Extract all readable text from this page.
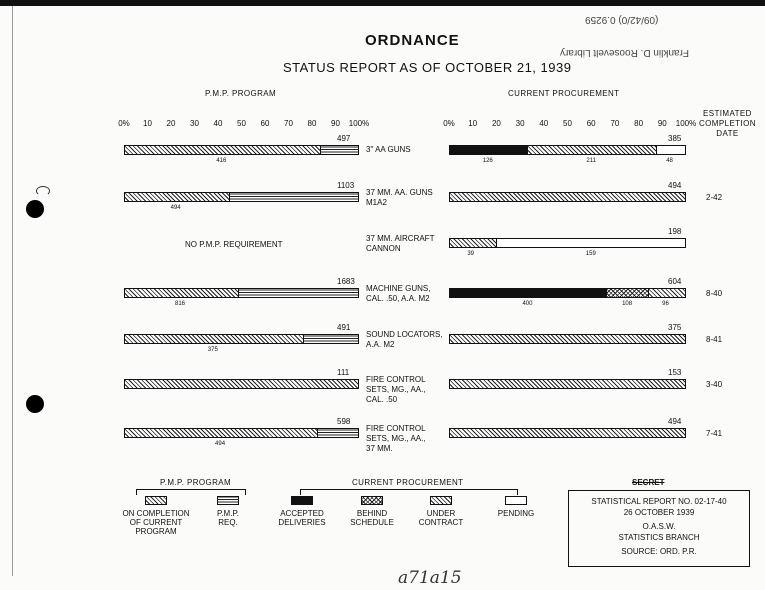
(09/42/0) 0.9259
Franklin D. Roosevelt Library
ORDNANCE
STATUS REPORT AS OF OCTOBER 21, 1939
P.M.P. PROGRAM	CURRENT PROCUREMENT
ESTIMATED
COMPLETION
DATE
0%	0%
10	10
20	20
30	30
40	40
50	50
60	60
70	70
80	80
90	90
100%	100%
497
416
3" AA GUNS
126	211	48
385
1103
494
37 MM. AA. GUNS
M1A2
494
2-42
37 MM. AIRCRAFT
CANNON
39	159
198
1683
816
MACHINE GUNS,
CAL. .50, A.A. M2
400	108	96
604
8-40
491
375
SOUND LOCATORS,
A.A. M2
375
8-41
111
FIRE CONTROL
SETS, MG., AA.,
CAL. .50
153
3-40
598
494
FIRE CONTROL
SETS, MG., AA.,
37 MM.
494
7-41
NO P.M.P. REQUIREMENT
P.M.P. PROGRAM	CURRENT PROCUREMENT
ON COMPLETION
OF CURRENT
PROGRAM
P.M.P.
REQ.
ACCEPTED
DELIVERIES
BEHIND
SCHEDULE
UNDER
CONTRACT
PENDING
SECRET
STATISTICAL REPORT NO. 02-17-40
26 OCTOBER 1939
O.A.S.W.
STATISTICS BRANCH
SOURCE: ORD. P.R.
a71a15
